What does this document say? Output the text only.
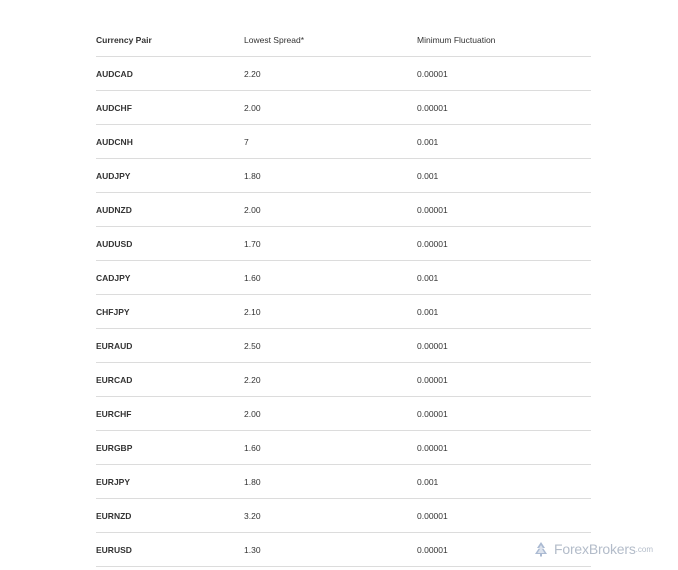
Currency Pair	Lowest Spread*	Minimum Fluctuation
AUDCAD	2.20	0.00001
AUDCHF	2.00	0.00001
AUDCNH	7	0.001
AUDJPY	1.80	0.001
AUDNZD	2.00	0.00001
AUDUSD	1.70	0.00001
CADJPY	1.60	0.001
CHFJPY	2.10	0.001
EURAUD	2.50	0.00001
EURCAD	2.20	0.00001
EURCHF	2.00	0.00001
EURGBP	1.60	0.00001
EURJPY	1.80	0.001
EURNZD	3.20	0.00001
EURUSD	1.30	0.00001	ForexBrokers .com
